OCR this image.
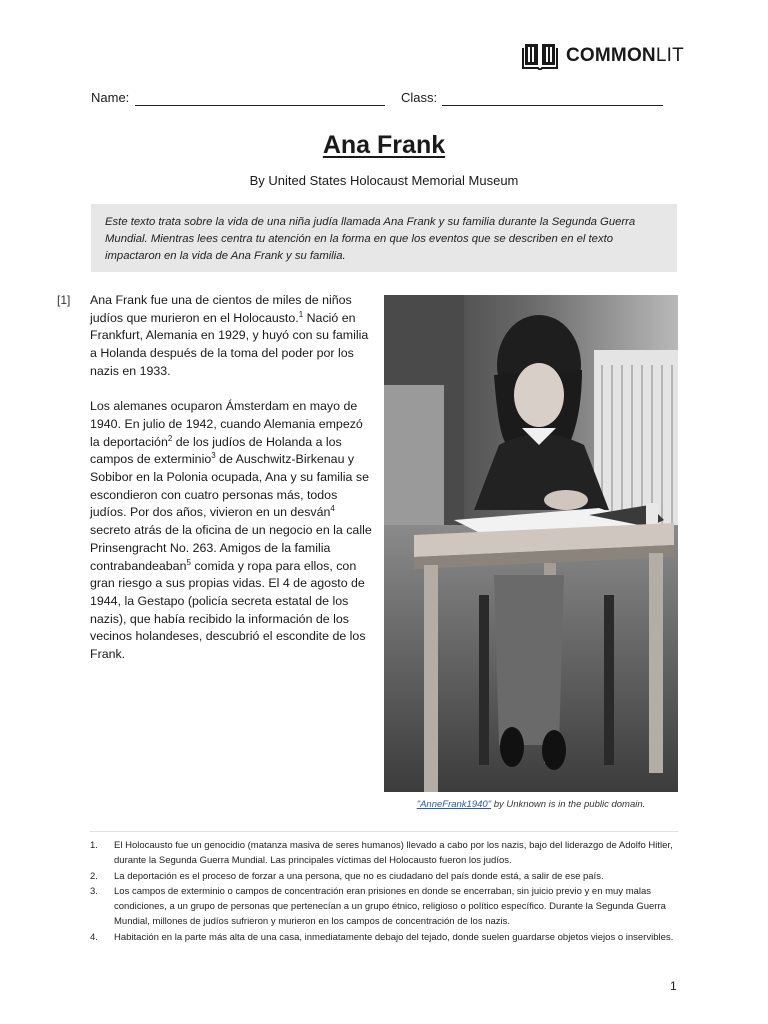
COMMONLIT
Name:	Class:
Ana Frank
By United States Holocaust Memorial Museum
Este texto trata sobre la vida de una niña judía llamada Ana Frank y su familia durante la Segunda Guerra Mundial. Mientras lees centra tu atención en la forma en que los eventos que se describen en el texto impactaron en la vida de Ana Frank y su familia.
[1] Ana Frank fue una de cientos de miles de niños judíos que murieron en el Holocausto.$^1$ Nació en Frankfurt, Alemania en 1929, y huyó con su familia a Holanda después de la toma del poder por los nazis en 1933.

Los alemanes ocuparon Ámsterdam en mayo de 1940. En julio de 1942, cuando Alemania empezó la deportación$^2$ de los judíos de Holanda a los campos de exterminio$^3$ de Auschwitz-Birkenau y Sobibor en la Polonia ocupada, Ana y su familia se escondieron con cuatro personas más, todos judíos. Por dos años, vivieron en un desván$^4$ secreto atrás de la oficina de un negocio en la calle Prinsengracht No. 263. Amigos de la familia contrabandeaban$^5$ comida y ropa para ellos, con gran riesgo a sus propias vidas. El 4 de agosto de 1944, la Gestapo (policía secreta estatal de los nazis), que había recibido la información de los vecinos holandeses, descubrió el escondite de los Frank.

"AnneFrank1940" by Unknown is in the public domain.
1.	El Holocausto fue un genocidio (matanza masiva de seres humanos) llevado a cabo por los nazis, bajo del liderazgo de Adolfo Hitler, durante la Segunda Guerra Mundial. Las principales víctimas del Holocausto fueron los judíos.
2.	La deportación es el proceso de forzar a una persona, que no es ciudadano del país donde está, a salir de ese país.
3.	Los campos de exterminio o campos de concentración eran prisiones en donde se encerraban, sin juicio previo y en muy malas condiciones, a un grupo de personas que pertenecían a un grupo étnico, religioso o político específico. Durante la Segunda Guerra Mundial, millones de judíos sufrieron y murieron en los campos de concentración de los nazis.
4.	Habitación en la parte más alta de una casa, inmediatamente debajo del tejado, donde suelen guardarse objetos viejos o inservibles.
1
